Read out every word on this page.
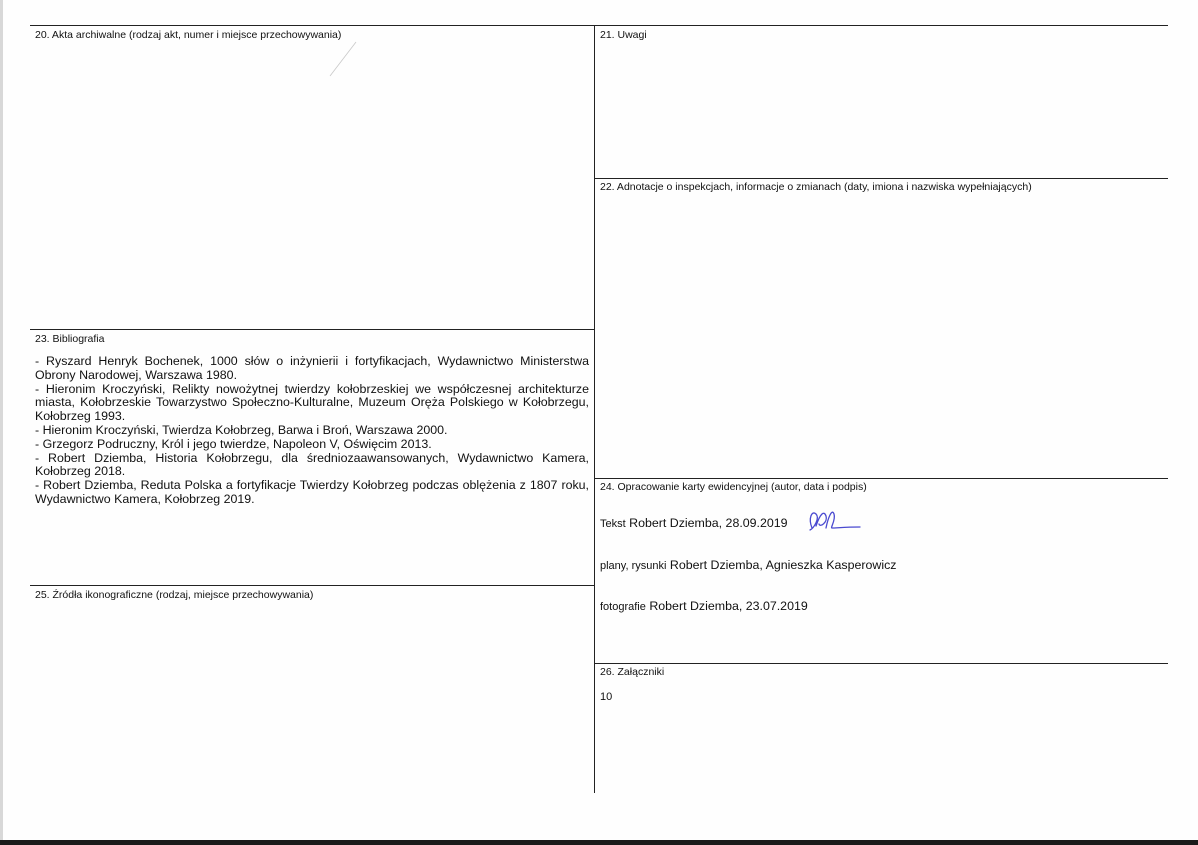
20. Akta archiwalne (rodzaj akt, numer i miejsce przechowywania)	21. Uwagi
22. Adnotacje o inspekcjach, informacje o zmianach (daty, imiona i nazwiska wypełniających)
23. Bibliografia
- Ryszard Henryk Bochenek, 1000 słów o inżynierii i fortyfikacjach, Wydawnictwo Ministerstwa Obrony Narodowej, Warszawa 1980.
- Hieronim Kroczyński, Relikty nowożytnej twierdzy kołobrzeskiej we współczesnej architekturze miasta, Kołobrzeskie Towarzystwo Społeczno-Kulturalne, Muzeum Oręża Polskiego w Kołobrzegu, Kołobrzeg 1993.
- Hieronim Kroczyński, Twierdza Kołobrzeg, Barwa i Broń, Warszawa 2000.
- Grzegorz Podruczny, Król i jego twierdze, Napoleon V, Oświęcim 2013.
- Robert Dziemba, Historia Kołobrzegu, dla średniozaawansowanych, Wydawnictwo Kamera, Kołobrzeg 2018.
- Robert Dziemba, Reduta Polska a fortyfikacje Twierdzy Kołobrzeg podczas oblężenia z 1807 roku, Wydawnictwo Kamera, Kołobrzeg 2019.
24. Opracowanie karty ewidencyjnej (autor, data i podpis)
Tekst Robert Dziemba, 28.09.2019
plany, rysunki Robert Dziemba, Agnieszka Kasperowicz
fotografie Robert Dziemba, 23.07.2019
25. Źródła ikonograficzne (rodzaj, miejsce przechowywania)
26. Załączniki
10
